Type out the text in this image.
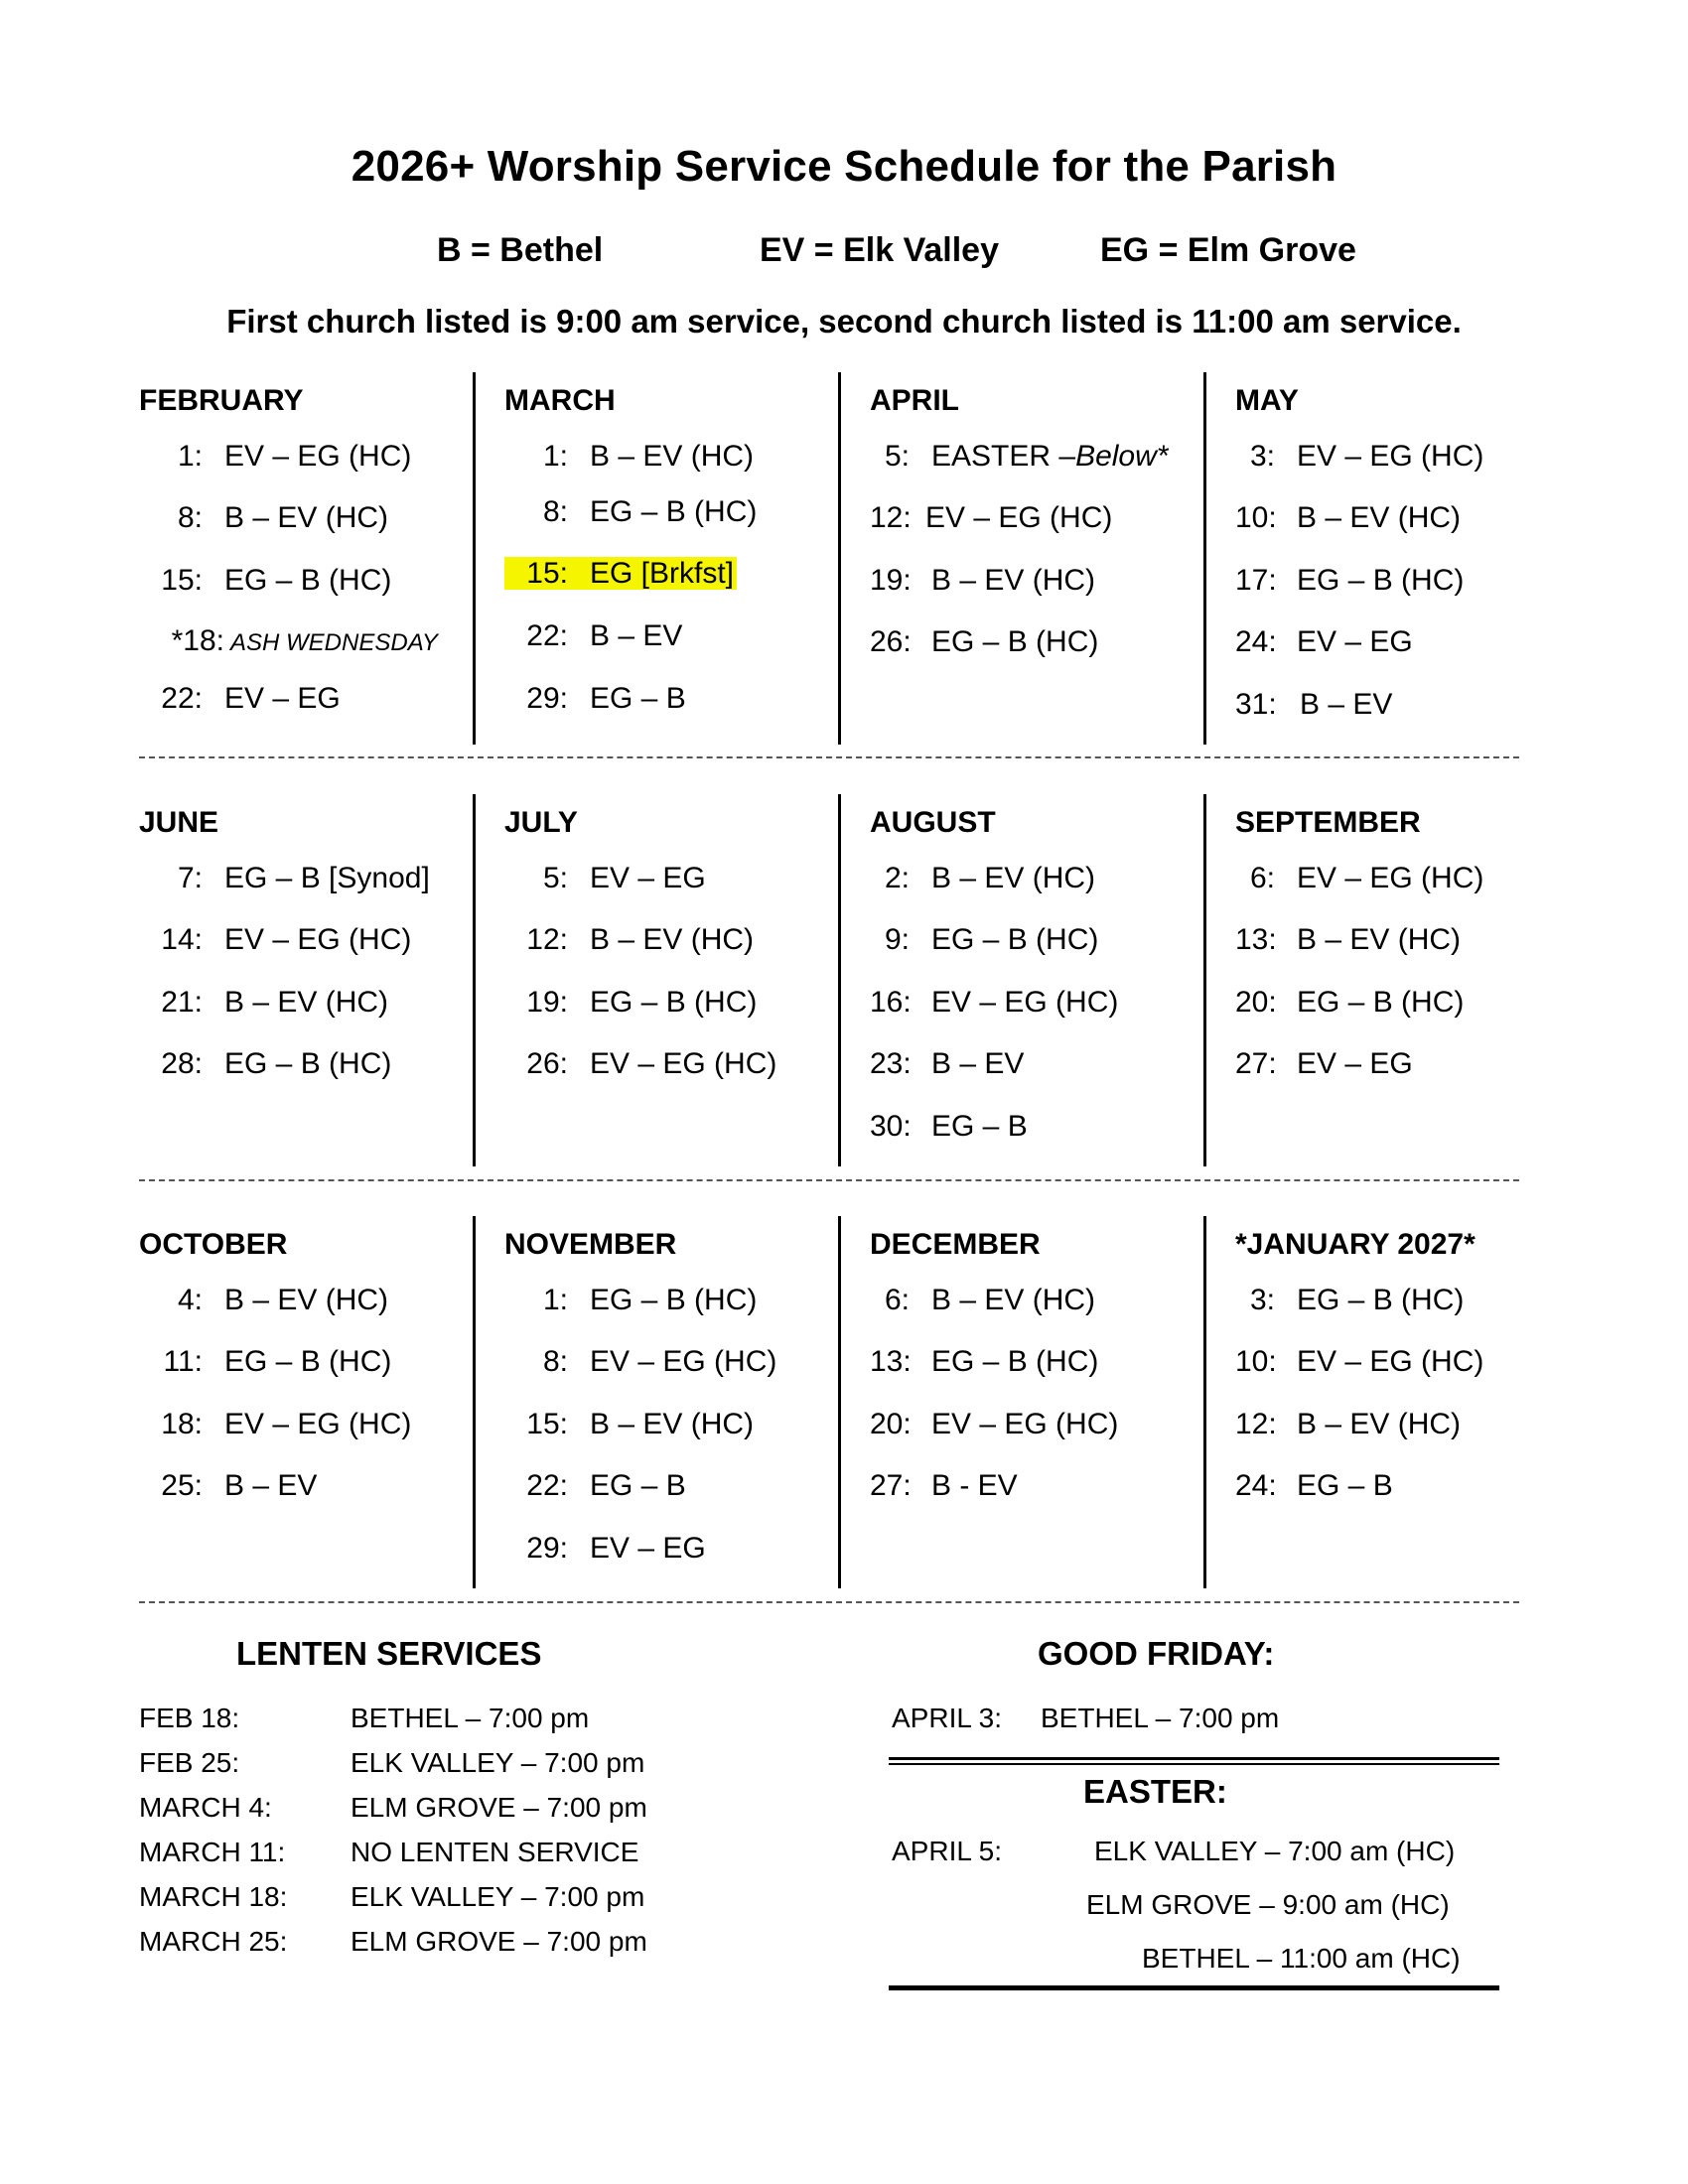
2026+ Worship Service Schedule for the Parish
B = Bethel	EV = Elk Valley	EG = Elm Grove
First church listed is 9:00 am service, second church listed is 11:00 am service.
FEBRUARY
1: EV – EG (HC)
8: B – EV (HC)
15: EG – B (HC)
*18: ASH WEDNESDAY
22: EV – EG
MARCH
1: B – EV (HC)
8: EG – B (HC)
15: EG [Brkfst]
22: B – EV
29: EG – B
APRIL
5: EASTER –Below*
12: EV – EG (HC)
19: B – EV (HC)
26: EG – B (HC)
MAY
3: EV – EG (HC)
10: B – EV (HC)
17: EG – B (HC)
24: EV – EG
31: B – EV
JUNE
7: EG – B [Synod]
14: EV – EG (HC)
21: B – EV (HC)
28: EG – B (HC)
JULY
5: EV – EG
12: B – EV (HC)
19: EG – B (HC)
26: EV – EG (HC)
AUGUST
2: B – EV (HC)
9: EG – B (HC)
16: EV – EG (HC)
23: B – EV
30: EG – B
SEPTEMBER
6: EV – EG (HC)
13: B – EV (HC)
20: EG – B (HC)
27: EV – EG
OCTOBER
4: B – EV (HC)
11: EG – B (HC)
18: EV – EG (HC)
25: B – EV
NOVEMBER
1: EG – B (HC)
8: EV – EG (HC)
15: B – EV (HC)
22: EG – B
29: EV – EG
DECEMBER
6: B – EV (HC)
13: EG – B (HC)
20: EV – EG (HC)
27: B - EV
*JANUARY 2027*
3: EG – B (HC)
10: EV – EG (HC)
12: B – EV (HC)
24: EG – B
LENTEN SERVICES
FEB 18:	BETHEL – 7:00 pm
FEB 25:	ELK VALLEY – 7:00 pm
MARCH 4:	ELM GROVE – 7:00 pm
MARCH 11: NO LENTEN SERVICE
MARCH 18: ELK VALLEY – 7:00 pm
MARCH 25: ELM GROVE – 7:00 pm
GOOD FRIDAY:
APRIL 3: BETHEL – 7:00 pm
EASTER:
APRIL 5:	ELK VALLEY – 7:00 am (HC)
ELM GROVE – 9:00 am (HC)
BETHEL – 11:00 am (HC)
